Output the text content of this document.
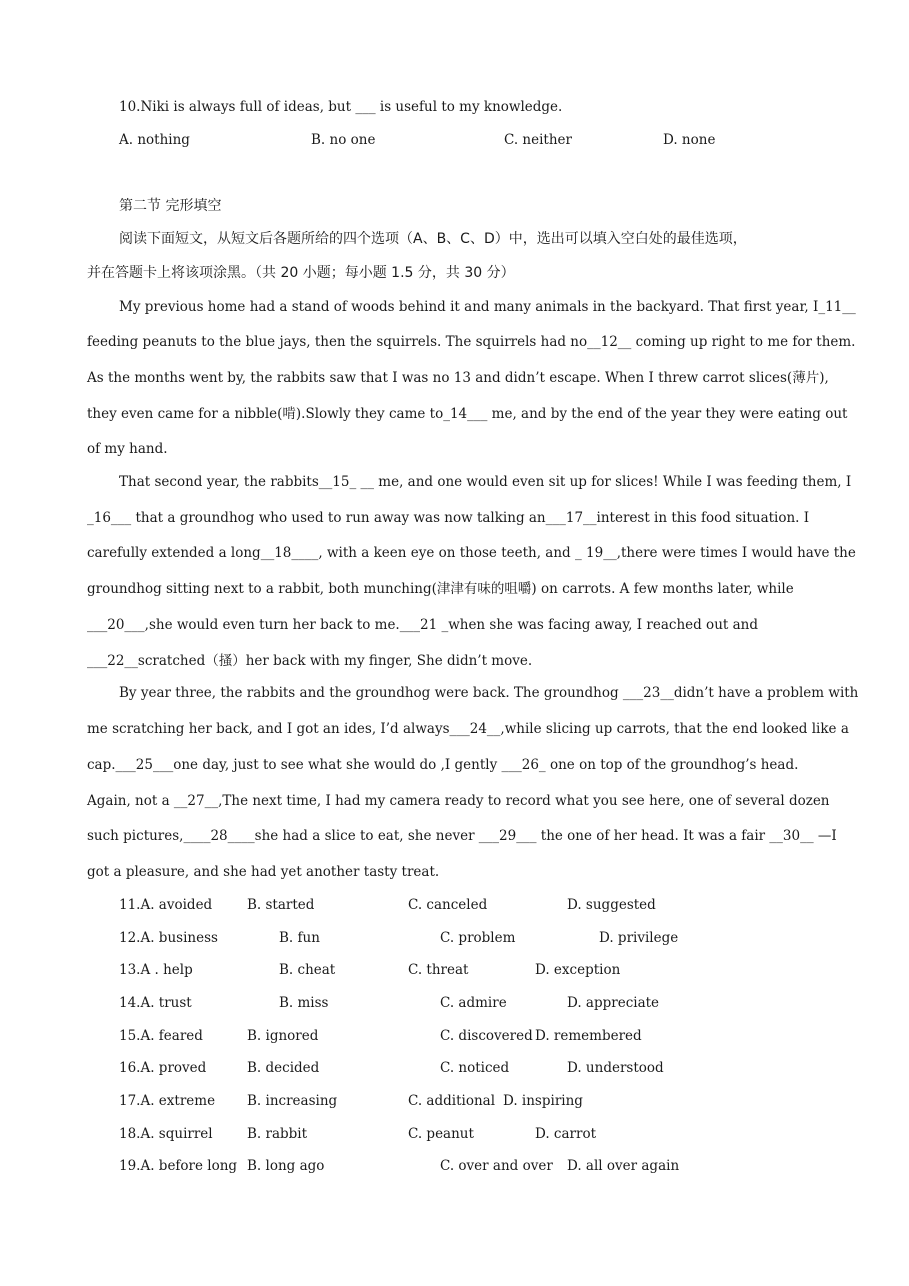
10.Niki is always full of ideas, but ___ is useful to my knowledge.
A. nothing	B. no one	C. neither	D. none
第二节 完形填空
阅读下面短文，从短文后各题所给的四个选项（A、B、C、D）中，选出可以填入空白处的最佳选项，
并在答题卡上将该项涂黑。（共 20 小题；每小题 1.5 分，共 30 分）
My previous home had a stand of woods behind it and many animals in the backyard. That first year, I_11__
feeding peanuts to the blue jays, then the squirrels. The squirrels had no__12__ coming up right to me for them.
As the months went by, the rabbits saw that I was no 13 and didn’t escape. When I threw carrot slices(薄片),
they even came for a nibble(啃).Slowly they came to_14___ me, and by the end of the year they were eating out
of my hand.
That second year, the rabbits__15_ __ me, and one would even sit up for slices! While I was feeding them, I
_16___ that a groundhog who used to run away was now talking an___17__interest in this food situation. I
carefully extended a long__18____, with a keen eye on those teeth, and _ 19__,there were times I would have the
groundhog sitting next to a rabbit, both munching(津津有味的咀嚼) on carrots. A few months later, while
___20___,she would even turn her back to me.___21 _when she was facing away, I reached out and
___22__scratched（搔）her back with my finger, She didn’t move.
By year three, the rabbits and the groundhog were back. The groundhog ___23__didn’t have a problem with
me scratching her back, and I got an ides, I’d always___24__,while slicing up carrots, that the end looked like a
cap.___25___one day, just to see what she would do ,I gently ___26_ one on top of the groundhog’s head.
Again, not a __27__,The next time, I had my camera ready to record what you see here, one of several dozen
such pictures,____28____she had a slice to eat, she never ___29___ the one of her head. It was a fair __30__ —I
got a pleasure, and she had yet another tasty treat.
11.A. avoided	B. started	C. canceled	D. suggested
12.A. business	B. fun	C. problem	D. privilege
13.A . help	B. cheat	C. threat	D. exception
14.A. trust	B. miss	C. admire	D. appreciate
15.A. feared	B. ignored	C. discovered D. remembered
16.A. proved	B. decided	C. noticed	D. understood
17.A. extreme B. increasing	C. additional D. inspiring
18.A. squirrel	B. rabbit	C. peanut	D. carrot
19.A. before long B. long ago	C. over and over D. all over again
